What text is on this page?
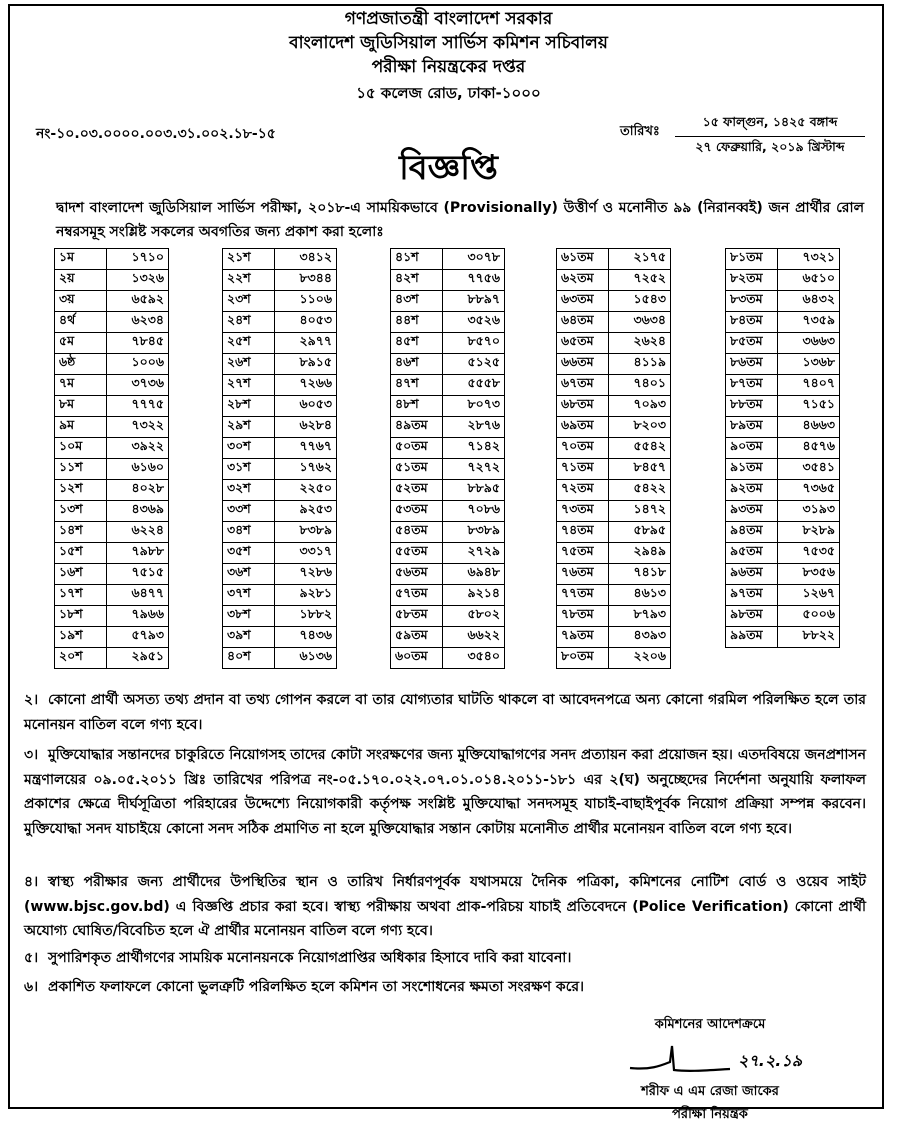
গণপ্রজাতন্ত্রী বাংলাদেশ সরকার
বাংলাদেশ জুডিসিয়াল সার্ভিস কমিশন সচিবালয়
পরীক্ষা নিয়ন্ত্রকের দপ্তর
১৫ কলেজ রোড, ঢাকা-১০০০
নং-১০.০৩.০০০০.০০৩.৩১.০০২.১৮-১৫	তারিখঃ
১৫ ফাল্গুন, ১৪২৫ বঙ্গাব্দ
২৭ ফেব্রুয়ারি, ২০১৯ খ্রিস্টাব্দ
বিজ্ঞপ্তি
দ্বাদশ বাংলাদেশ জুডিসিয়াল সার্ভিস পরীক্ষা, ২০১৮-এ সাময়িকভাবে (Provisionally) উত্তীর্ণ ও মনোনীত ৯৯ (নিরানব্বই) জন প্রার্থীর রোল নম্বরসমূহ সংশ্লিষ্ট সকলের অবগতির জন্য প্রকাশ করা হলোঃ
১ম	১৭১০
২য়	১৩২৬
৩য়	৬৫৯২
৪র্থ	৬২৩৪
৫ম	৭৮৪৫
৬ষ্ঠ	১০০৬
৭ম	৩৭৩৬
৮ম	৭৭৭৫
৯ম	৭৩২২
১০ম	৩৯২২
১১শ	৬১৬০
১২শ	৪০২৮
১৩শ	৪৩৬৯
১৪শ	৬২২৪
১৫শ	৭৯৮৮
১৬শ	৭৫১৫
১৭শ	৬৪৭৭
১৮শ	৭৯৬৬
১৯শ	৫৭৯৩
২০শ	২৯৫১
২১শ	৩৪১২
২২শ	৮৩৪৪
২৩শ	১১০৬
২৪শ	৪০৫৩
২৫শ	২৯৭৭
২৬শ	৮৯১৫
২৭শ	৭২৬৬
২৮শ	৬০৫৩
২৯শ	৬২৮৪
৩০শ	৭৭৬৭
৩১শ	১৭৬২
৩২শ	২২৫০
৩৩শ	৯২৫৩
৩৪শ	৮৩৮৯
৩৫শ	৩৩১৭
৩৬শ	৭২৮৬
৩৭শ	৯২৮১
৩৮শ	১৮৮২
৩৯শ	৭৪৩৬
৪০শ	৬১৩৬
৪১শ	৩০৭৮
৪২শ	৭৭৫৬
৪৩শ	৮৮৯৭
৪৪শ	৩৫২৬
৪৫শ	৮৫৭০
৪৬শ	৫১২৫
৪৭শ	৫৫৫৮
৪৮শ	৮০৭৩
৪৯তম	২৮৭৬
৫০তম	৭১৪২
৫১তম	৭২৭২
৫২তম	৮৮৯৫
৫৩তম	৭০৮৬
৫৪তম	৮৩৮৯
৫৫তম	২৭২৯
৫৬তম	৬৯৪৮
৫৭তম	৯২১৪
৫৮তম	৫৮০২
৫৯তম	৬৬২২
৬০তম	৩৫৪০
৬১তম	২১৭৫
৬২তম	৭২৫২
৬৩তম	১৫৪৩
৬৪তম	৩৬৩৪
৬৫তম	২৬২৪
৬৬তম	৪১১৯
৬৭তম	৭৪০১
৬৮তম	৭০৯৩
৬৯তম	৮২০৩
৭০তম	৫৫৪২
৭১তম	৮৪৫৭
৭২তম	৫৪২২
৭৩তম	১৪৭২
৭৪তম	৫৮৯৫
৭৫তম	২৯৪৯
৭৬তম	৭৪১৮
৭৭তম	৪৬১৩
৭৮তম	৮৭৯৩
৭৯তম	৪৩৯৩
৮০তম	২২০৬
৮১তম	৭৩২১
৮২তম	৬৫১০
৮৩তম	৬৪৩২
৮৪তম	৭৩৫৯
৮৫তম	৩৬৬৩
৮৬তম	১৩৬৮
৮৭তম	৭৪০৭
৮৮তম	৭১৫১
৮৯তম	৪৬৬৩
৯০তম	৪৫৭৬
৯১তম	৩৫৪১
৯২তম	৭৩৬৫
৯৩তম	৩১৯৩
৯৪তম	৮২৮৯
৯৫তম	৭৫৩৫
৯৬তম	৮৩৫৬
৯৭তম	১২৬৭
৯৮তম	৫০০৬
৯৯তম	৮৮২২
২। কোনো প্রার্থী অসত্য তথ্য প্রদান বা তথ্য গোপন করলে বা তার যোগ্যতার ঘাটতি থাকলে বা আবেদনপত্রে অন্য কোনো গরমিল পরিলক্ষিত হলে তার মনোনয়ন বাতিল বলে গণ্য হবে।
৩। মুক্তিযোদ্ধার সন্তানদের চাকুরিতে নিয়োগসহ তাদের কোটা সংরক্ষণের জন্য মুক্তিযোদ্ধাগণের সনদ প্রত্যায়ন করা প্রয়োজন হয়। এতদবিষয়ে জনপ্রশাসন মন্ত্রণালয়ের ০৯.০৫.২০১১ খ্রিঃ তারিখের পরিপত্র নং-০৫.১৭০.০২২.০৭.০১.০১৪.২০১১-১৮১ এর ২(ঘ) অনুচ্ছেদের নির্দেশনা অনুযায়ি ফলাফল প্রকাশের ক্ষেত্রে দীর্ঘসূত্রিতা পরিহারের উদ্দেশ্যে নিয়োগকারী কর্তৃপক্ষ সংশ্লিষ্ট মুক্তিযোদ্ধা সনদসমূহ যাচাই-বাছাইপূর্বক নিয়োগ প্রক্রিয়া সম্পন্ন করবেন। মুক্তিযোদ্ধা সনদ যাচাইয়ে কোনো সনদ সঠিক প্রমাণিত না হলে মুক্তিযোদ্ধার সন্তান কোটায় মনোনীত প্রার্থীর মনোনয়ন বাতিল বলে গণ্য হবে।
৪। স্বাস্থ্য পরীক্ষার জন্য প্রার্থীদের উপস্থিতির স্থান ও তারিখ নির্ধারণপূর্বক যথাসময়ে দৈনিক পত্রিকা, কমিশনের নোটিশ বোর্ড ও ওয়েব সাইট (www.bjsc.gov.bd) এ বিজ্ঞপ্তি প্রচার করা হবে। স্বাস্থ্য পরীক্ষায় অথবা প্রাক-পরিচয় যাচাই প্রতিবেদনে (Police Verification) কোনো প্রার্থী অযোগ্য ঘোষিত/বিবেচিত হলে ঐ প্রার্থীর মনোনয়ন বাতিল বলে গণ্য হবে।
৫। সুপারিশকৃত প্রার্থীগণের সাময়িক মনোনয়নকে নিয়োগপ্রাপ্তির অধিকার হিসাবে দাবি করা যাবেনা।
৬। প্রকাশিত ফলাফলে কোনো ভুলত্রুটি পরিলক্ষিত হলে কমিশন তা সংশোধনের ক্ষমতা সংরক্ষণ করে।
কমিশনের আদেশক্রমে
২৭.২.১৯
শরীফ এ এম রেজা জাকের
পরীক্ষা নিয়ন্ত্রক
